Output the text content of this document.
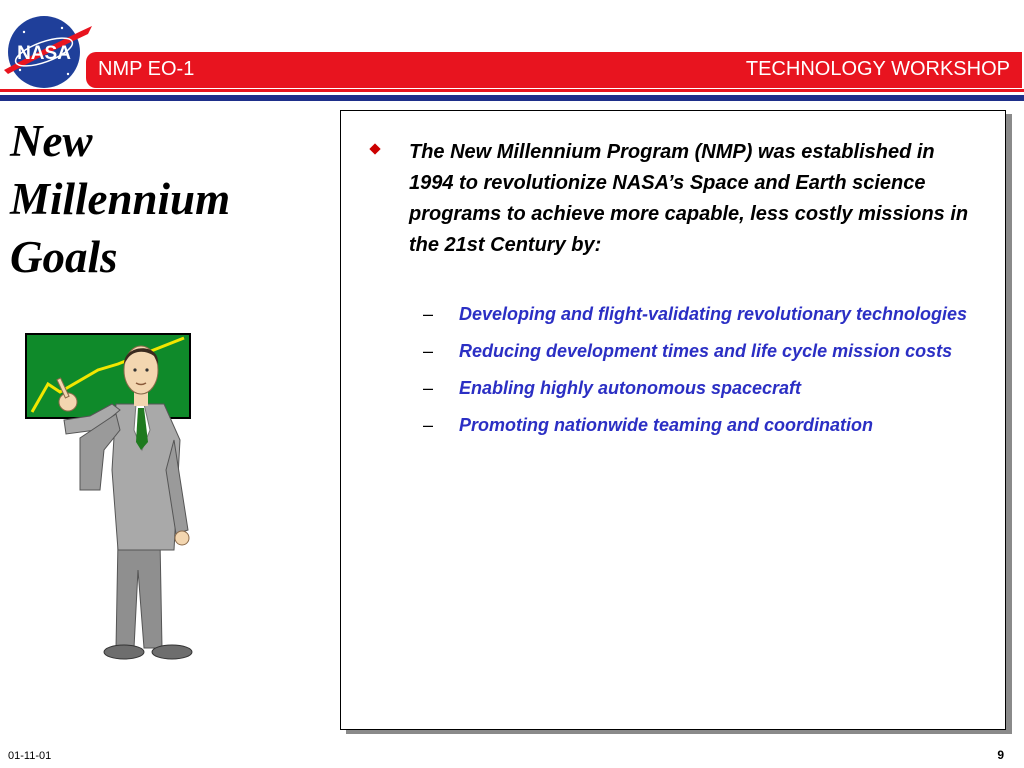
NASA
NMP EO-1	TECHNOLOGY WORKSHOP
New
Millennium
Goals
The New Millennium Program (NMP) was established in 1994 to revolutionize NASA’s Space and Earth science programs to achieve more capable, less costly missions in the 21st Century by:
– Developing and flight-validating revolutionary technologies
– Reducing development times and life cycle mission costs
– Enabling highly autonomous spacecraft
– Promoting nationwide teaming and coordination
01-11-01	9
